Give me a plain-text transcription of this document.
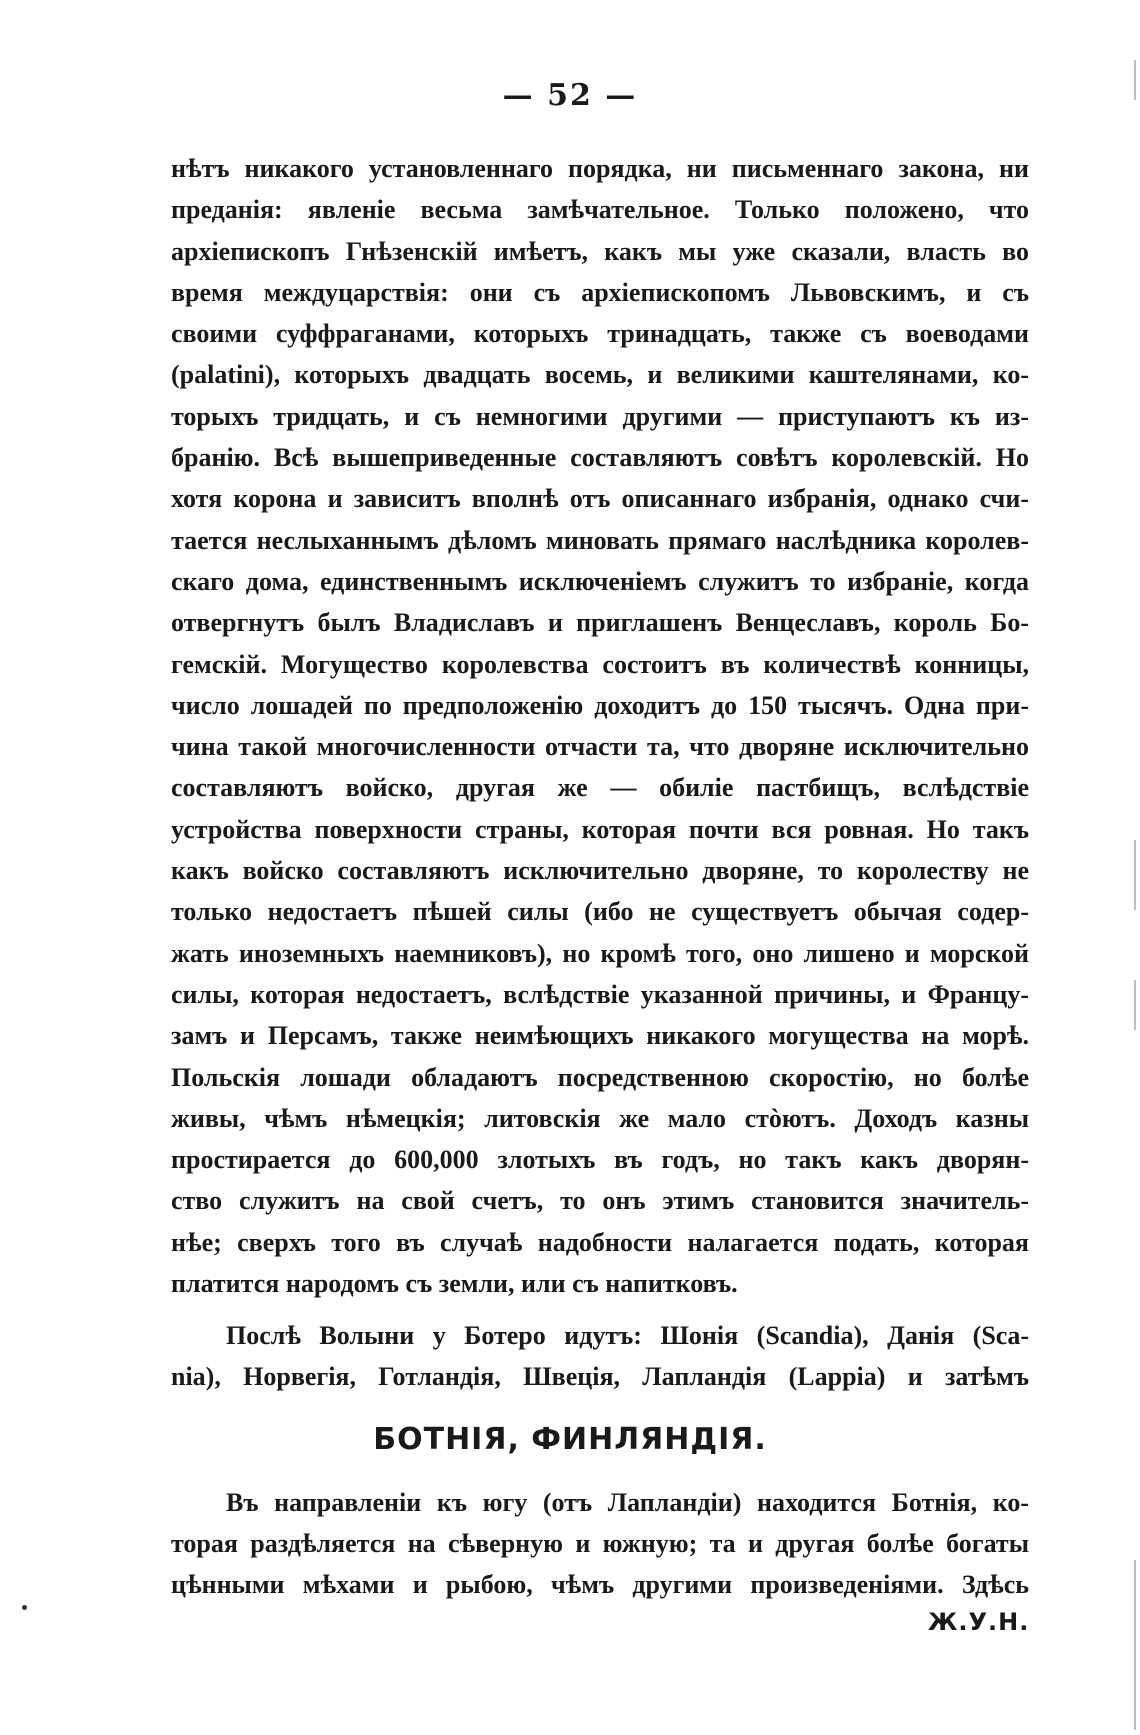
— 52 —
нѣтъ никакого установленнаго порядка, ни письменнаго закона, ни
преданія: явленіе весьма замѣчательное. Только положено, что
архіепископъ Гнѣзенскій имѣетъ, какъ мы уже сказали, власть во
время междуцарствія: они съ архіепископомъ Львовскимъ, и съ
своими суффраганами, которыхъ тринадцать, также съ воеводами
(palatini), которыхъ двадцать восемь, и великими каштелянами, ко-
торыхъ тридцать, и съ немногими другими — приступаютъ къ из-
бранію. Всѣ вышеприведенные составляютъ совѣтъ королевскій. Но
хотя корона и зависитъ вполнѣ отъ описаннаго избранія, однако счи-
тается неслыханнымъ дѣломъ миновать прямаго наслѣдника королев-
скаго дома, единственнымъ исключеніемъ служитъ то избраніе, когда
отвергнутъ былъ Владиславъ и приглашенъ Венцеславъ, король Бо-
гемскій. Могущество королевства состоитъ въ количествѣ конницы,
число лошадей по предположенію доходитъ до 150 тысячъ. Одна при-
чина такой многочисленности отчасти та, что дворяне исключительно
составляютъ войско, другая же — обиліе пастбищъ, вслѣдствіе
устройства поверхности страны, которая почти вся ровная. Но такъ
какъ войско составляютъ исключительно дворяне, то королеству не
только недостаетъ пѣшей силы (ибо не существуетъ обычая содер-
жать иноземныхъ наемниковъ), но кромѣ того, оно лишено и морской
силы, которая недостаетъ, вслѣдствіе указанной причины, и Францу-
замъ и Персамъ, также неимѣющихъ никакого могущества на морѣ.
Польскія лошади обладаютъ посредственною скоростію, но болѣе
живы, чѣмъ нѣмецкія; литовскія же мало стòютъ. Доходъ казны
простирается до 600,000 злотыхъ въ годъ, но такъ какъ дворян-
ство служитъ на свой счетъ, то онъ этимъ становится значитель-
нѣе; сверхъ того въ случаѣ надобности налагается подать, которая
платится народомъ съ земли, или съ напитковъ.
Послѣ Волыни у Ботеро идутъ: Шонія (Scandia), Данія (Sca-
nia), Норвегія, Готландія, Швеція, Лапландія (Lappia) и затѣмъ
БОТНІЯ, ФИНЛЯНДІЯ.
Въ направленіи къ югу (отъ Лапландіи) находится Ботнія, ко-
торая раздѣляется на сѣверную и южную; та и другая болѣе богаты
цѣнными мѣхами и рыбою, чѣмъ другими произведеніями. Здѣсь
Ж.У.Н.
